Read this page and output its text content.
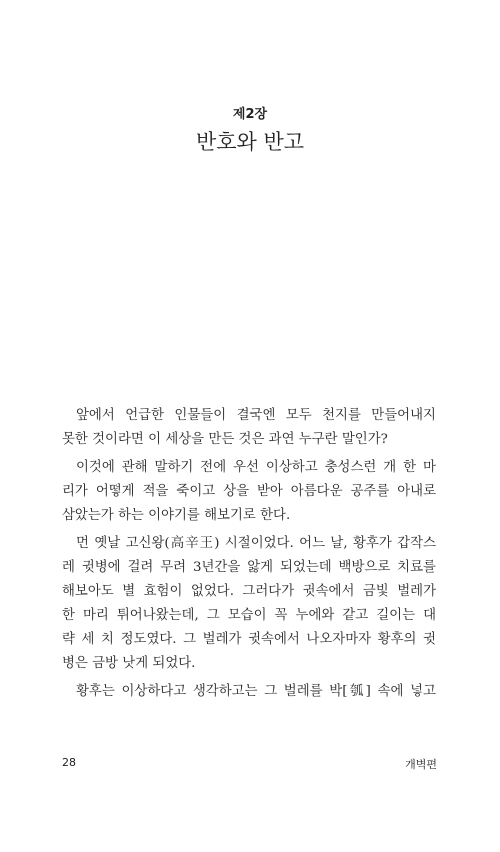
제2장
반호와 반고
앞에서 언급한 인물들이 결국엔 모두 천지를 만들어내지
못한 것이라면 이 세상을 만든 것은 과연 누구란 말인가?
이것에 관해 말하기 전에 우선 이상하고 충성스런 개 한 마
리가 어떻게 적을 죽이고 상을 받아 아름다운 공주를 아내로
삼았는가 하는 이야기를 해보기로 한다.
먼 옛날 고신왕(高辛王) 시절이었다. 어느 날, 황후가 갑작스
레 귓병에 걸려 무려 3년간을 앓게 되었는데 백방으로 치료를
해보아도 별 효험이 없었다. 그러다가 귓속에서 금빛 벌레가
한 마리 튀어나왔는데, 그 모습이 꼭 누에와 같고 길이는 대
략 세 치 정도였다. 그 벌레가 귓속에서 나오자마자 황후의 귓
병은 금방 낫게 되었다.
황후는 이상하다고 생각하고는 그 벌레를 박[瓠] 속에 넣고
28	개벽편
